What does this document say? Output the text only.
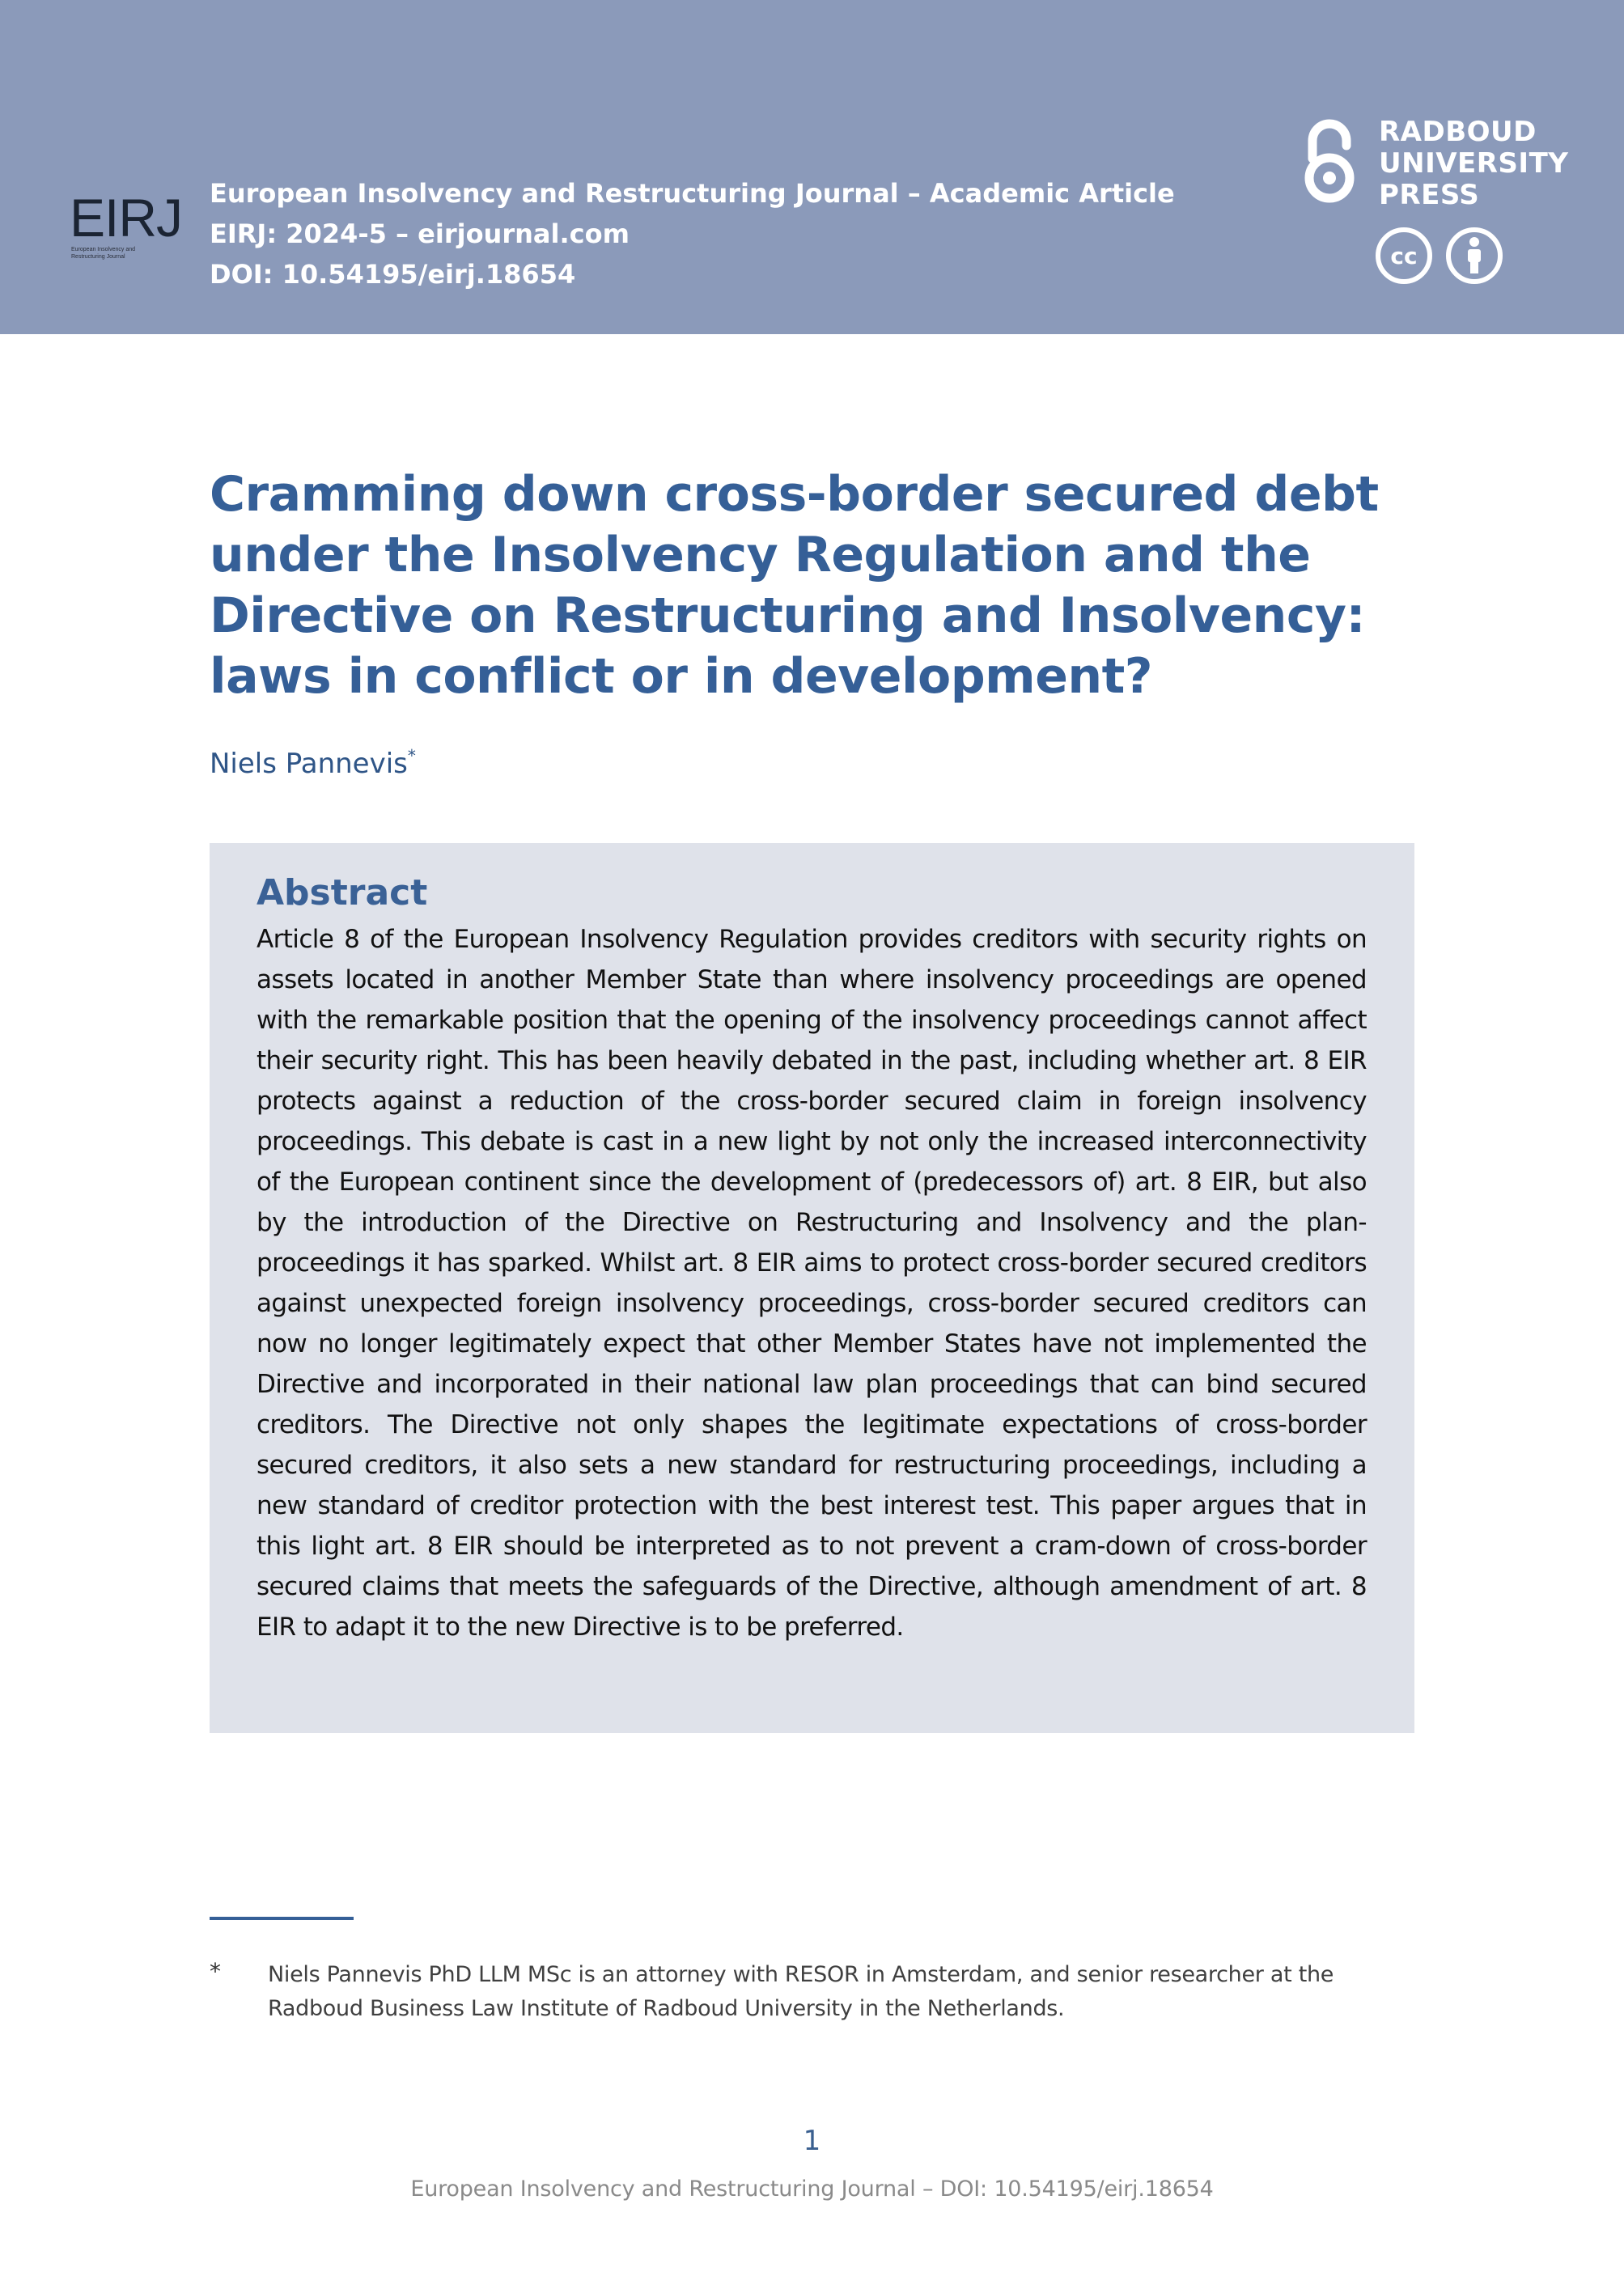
EIRJ
European Insolvency and Restructuring Journal
European Insolvency and Restructuring Journal – Academic Article
EIRJ: 2024-5 – eirjournal.com
DOI: 10.54195/eirj.18654
RADBOUD
UNIVERSITY
PRESS
cc
Cramming down cross-border secured debt under the Insolvency Regulation and the Directive on Restructuring and Insolvency: laws in conflict or in development?
Niels Pannevis*
Abstract

Article 8 of the European Insolvency Regulation provides creditors with security rights on assets located in another Member State than where insolvency proceedings are opened with the remarkable position that the opening of the insolvency proceedings cannot affect their security right. This has been heavily debated in the past, including whether art. 8 EIR protects against a reduction of the cross-border secured claim in foreign insolvency proceedings. This debate is cast in a new light by not only the increased interconnectivity of the European continent since the development of (predecessors of) art. 8 EIR, but also by the introduction of the Directive on Restructuring and Insolvency and the plan-proceedings it has sparked. Whilst art. 8 EIR aims to protect cross-border secured creditors against unexpected foreign insolvency proceedings, cross-border secured creditors can now no longer legitimately expect that other Member States have not implemented the Directive and incorporated in their national law plan proceedings that can bind secured creditors. The Directive not only shapes the legitimate expectations of cross-border secured creditors, it also sets a new standard for restructuring proceedings, including a new standard of creditor protection with the best interest test. This paper argues that in this light art. 8 EIR should be interpreted as to not prevent a cram-down of cross-border secured claims that meets the safeguards of the Directive, although amendment of art. 8 EIR to adapt it to the new Directive is to be preferred.

* Niels Pannevis PhD LLM MSc is an attorney with RESOR in Amsterdam, and senior researcher at the Radboud Business Law Institute of Radboud University in the Netherlands.

1
European Insolvency and Restructuring Journal – DOI: 10.54195/eirj.18654
